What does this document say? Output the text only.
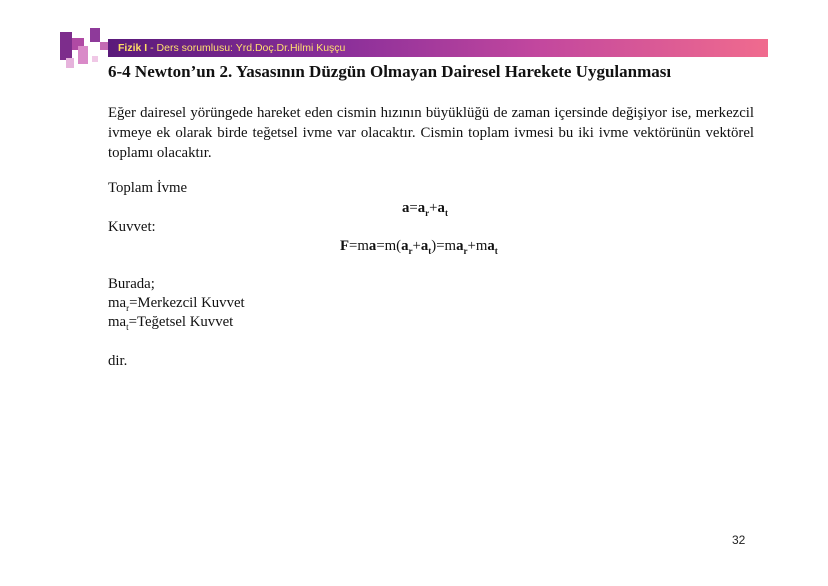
Fizik I - Ders sorumlusu: Yrd.Doç.Dr.Hilmi Kuşçu
6-4 Newton’un 2. Yasasının Düzgün Olmayan Dairesel Harekete Uygulanması
Eğer dairesel yörüngede hareket eden cismin hızının büyüklüğü de zaman içersinde değişiyor ise, merkezcil ivmeye ek olarak birde teğetsel ivme var olacaktır. Cismin toplam ivmesi bu iki ivme vektörünün vektörel toplamı olacaktır.
Toplam İvme
$a=a_r+a_t$
Kuvvet:
$F=ma=m(a_r+a_t)=ma_r+ma_t$
Burada;
$ma_r=Merkezcil$ Kuvvet
$ma_t=Teğetsel$ Kuvvet
dir.
32
